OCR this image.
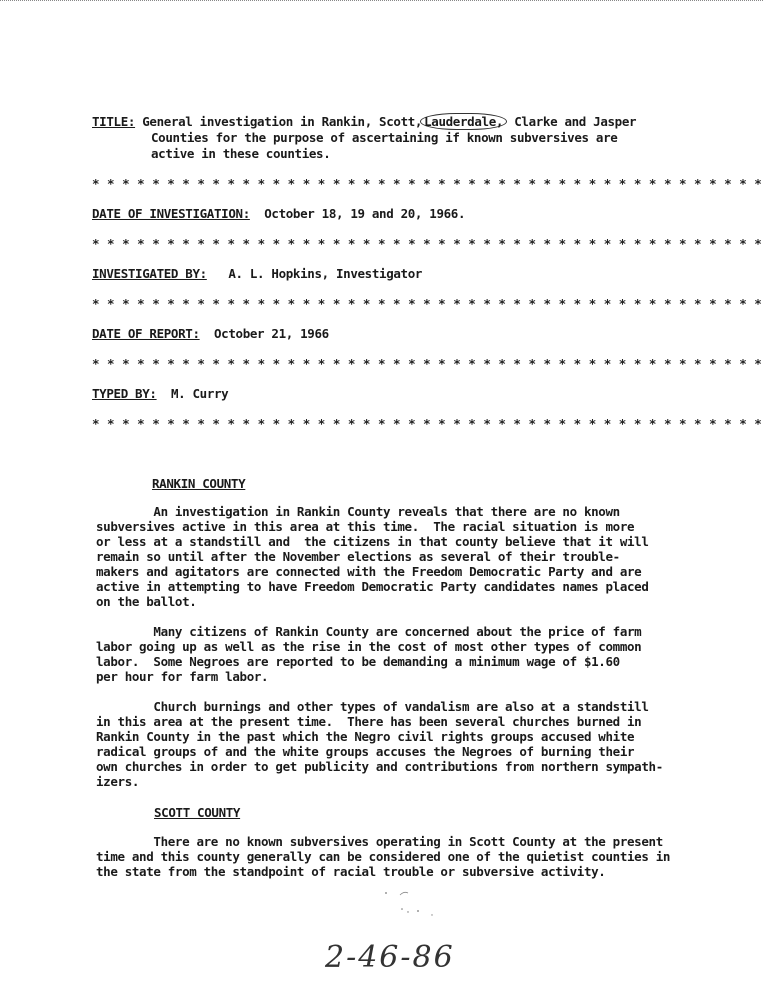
TITLE: General investigation in Rankin, Scott, Lauderdale, Clarke and Jasper
Counties for the purpose of ascertaining if known subversives are
active in these counties.
* * * * * * * * * * * * * * * * * * * * * * * * * * * * * * * * * * * * * * * * * * * * *
DATE OF INVESTIGATION: October 18, 19 and 20, 1966.
* * * * * * * * * * * * * * * * * * * * * * * * * * * * * * * * * * * * * * * * * * * * *
INVESTIGATED BY: A. L. Hopkins, Investigator
* * * * * * * * * * * * * * * * * * * * * * * * * * * * * * * * * * * * * * * * * * * * *
DATE OF REPORT: October 21, 1966
* * * * * * * * * * * * * * * * * * * * * * * * * * * * * * * * * * * * * * * * * * * * *
TYPED BY: M. Curry
* * * * * * * * * * * * * * * * * * * * * * * * * * * * * * * * * * * * * * * * * * * * *
RANKIN COUNTY
An investigation in Rankin County reveals that there are no known
subversives active in this area at this time.  The racial situation is more
or less at a standstill and  the citizens in that county believe that it will
remain so until after the November elections as several of their trouble-
makers and agitators are connected with the Freedom Democratic Party and are
active in attempting to have Freedom Democratic Party candidates names placed
on the ballot.
Many citizens of Rankin County are concerned about the price of farm
labor going up as well as the rise in the cost of most other types of common
labor.  Some Negroes are reported to be demanding a minimum wage of $1.60
per hour for farm labor.
Church burnings and other types of vandalism are also at a standstill
in this area at the present time.  There has been several churches burned in
Rankin County in the past which the Negro civil rights groups accused white
radical groups of and the white groups accuses the Negroes of burning their
own churches in order to get publicity and contributions from northern sympath-
izers.
SCOTT COUNTY
There are no known subversives operating in Scott County at the present
time and this county generally can be considered one of the quietist counties in
the state from the standpoint of racial trouble or subversive activity.
2-46-86
